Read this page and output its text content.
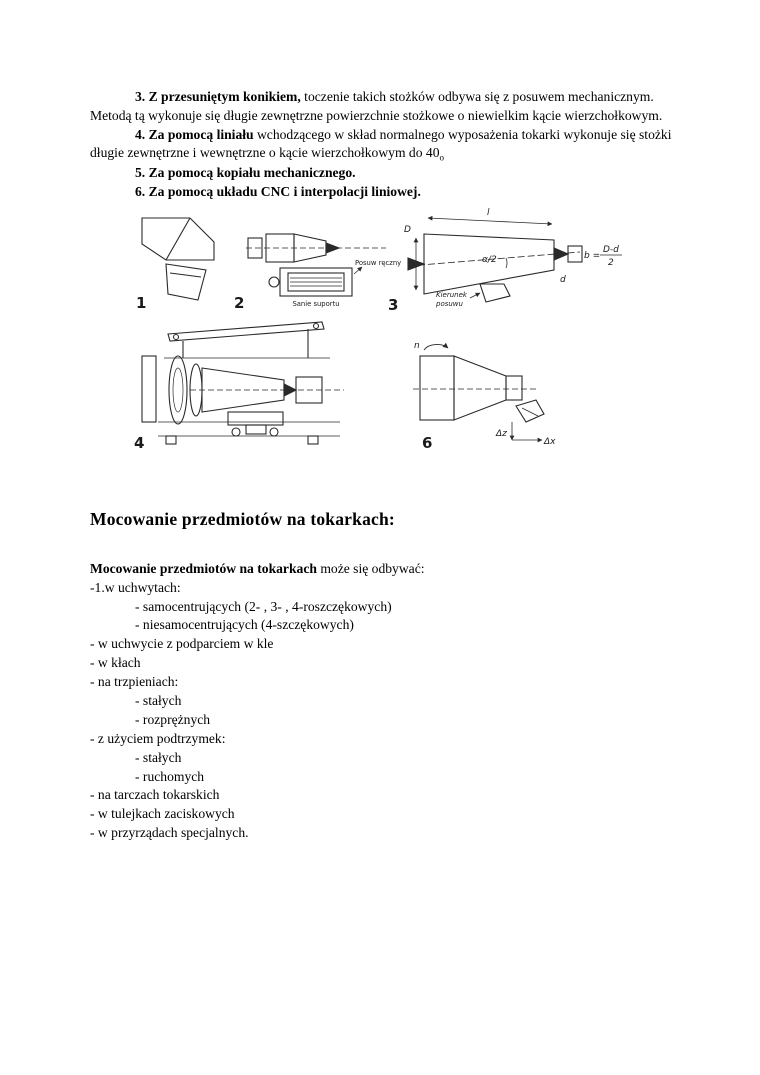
3. Z przesuniętym konikiem, toczenie takich stożków odbywa się z posuwem mechanicznym. Metodą tą wykonuje się długie zewnętrzne powierzchnie stożkowe o niewielkim kącie wierzchołkowym.

4. Za pomocą liniału wchodzącego w skład normalnego wyposażenia tokarki wykonuje się stożki długie zewnętrzne i wewnętrzne o kącie wierzchołkowym do $40_o$

5. Za pomocą kopiału mechanicznego.
6. Za pomocą układu CNC i interpolacji liniowej.
1
Posuw ręczny
Sanie suportu
2
l
D
d
α/2	b =
D-d
2
Kierunek
posuwu
3
4
n
Δz
Δx
6
Mocowanie przedmiotów na tokarkach:

Mocowanie przedmiotów na tokarkach może się odbywać:

-1.w uchwytach:
- samocentrujących (2- , 3- , 4-roszczękowych)
- niesamocentrujących (4-szczękowych)
- w uchwycie z podparciem w kle
- w kłach
- na trzpieniach:
- stałych
- rozprężnych
- z użyciem podtrzymek:
- stałych
- ruchomych
- na tarczach tokarskich
- w tulejkach zaciskowych
- w przyrządach specjalnych.
